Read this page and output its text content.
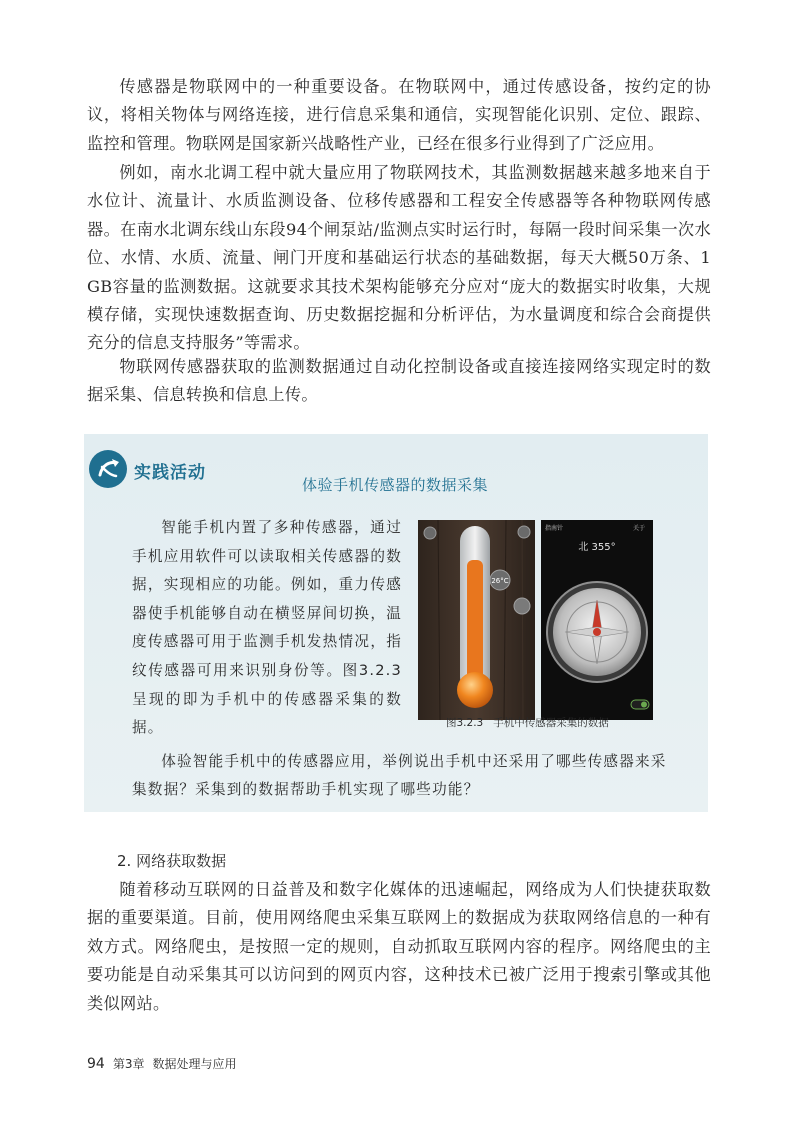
传感器是物联网中的一种重要设备。在物联网中，通过传感设备，按约定的协议，将相关物体与网络连接，进行信息采集和通信，实现智能化识别、定位、跟踪、监控和管理。物联网是国家新兴战略性产业，已经在很多行业得到了广泛应用。

例如，南水北调工程中就大量应用了物联网技术，其监测数据越来越多地来自于水位计、流量计、水质监测设备、位移传感器和工程安全传感器等各种物联网传感器。在南水北调东线山东段94个闸泵站/监测点实时运行时，每隔一段时间采集一次水位、水情、水质、流量、闸门开度和基础运行状态的基础数据，每天大概50万条、1 GB容量的监测数据。这就要求其技术架构能够充分应对“庞大的数据实时收集，大规模存储，实现快速数据查询、历史数据挖掘和分析评估，为水量调度和综合会商提供充分的信息支持服务”等需求。

物联网传感器获取的监测数据通过自动化控制设备或直接连接网络实现定时的数据采集、信息转换和信息上传。

实践活动
体验手机传感器的数据采集
智能手机内置了多种传感器，通过手机应用软件可以读取相关传感器的数据，实现相应的功能。例如，重力传感器使手机能够自动在横竖屏间切换，温度传感器可用于监测手机发热情况，指纹传感器可用来识别身份等。图3.2.3呈现的即为手机中的传感器采集的数据。
26°C
指南针	关于
北 355°
图3.2.3 手机中传感器采集的数据
体验智能手机中的传感器应用，举例说出手机中还采用了哪些传感器来采集数据？采集到的数据帮助手机实现了哪些功能？
2. 网络获取数据

随着移动互联网的日益普及和数字化媒体的迅速崛起，网络成为人们快捷获取数据的重要渠道。目前，使用网络爬虫采集互联网上的数据成为获取网络信息的一种有效方式。网络爬虫，是按照一定的规则，自动抓取互联网内容的程序。网络爬虫的主要功能是自动采集其可以访问到的网页内容，这种技术已被广泛用于搜索引擎或其他类似网站。

94 第3章 数据处理与应用
